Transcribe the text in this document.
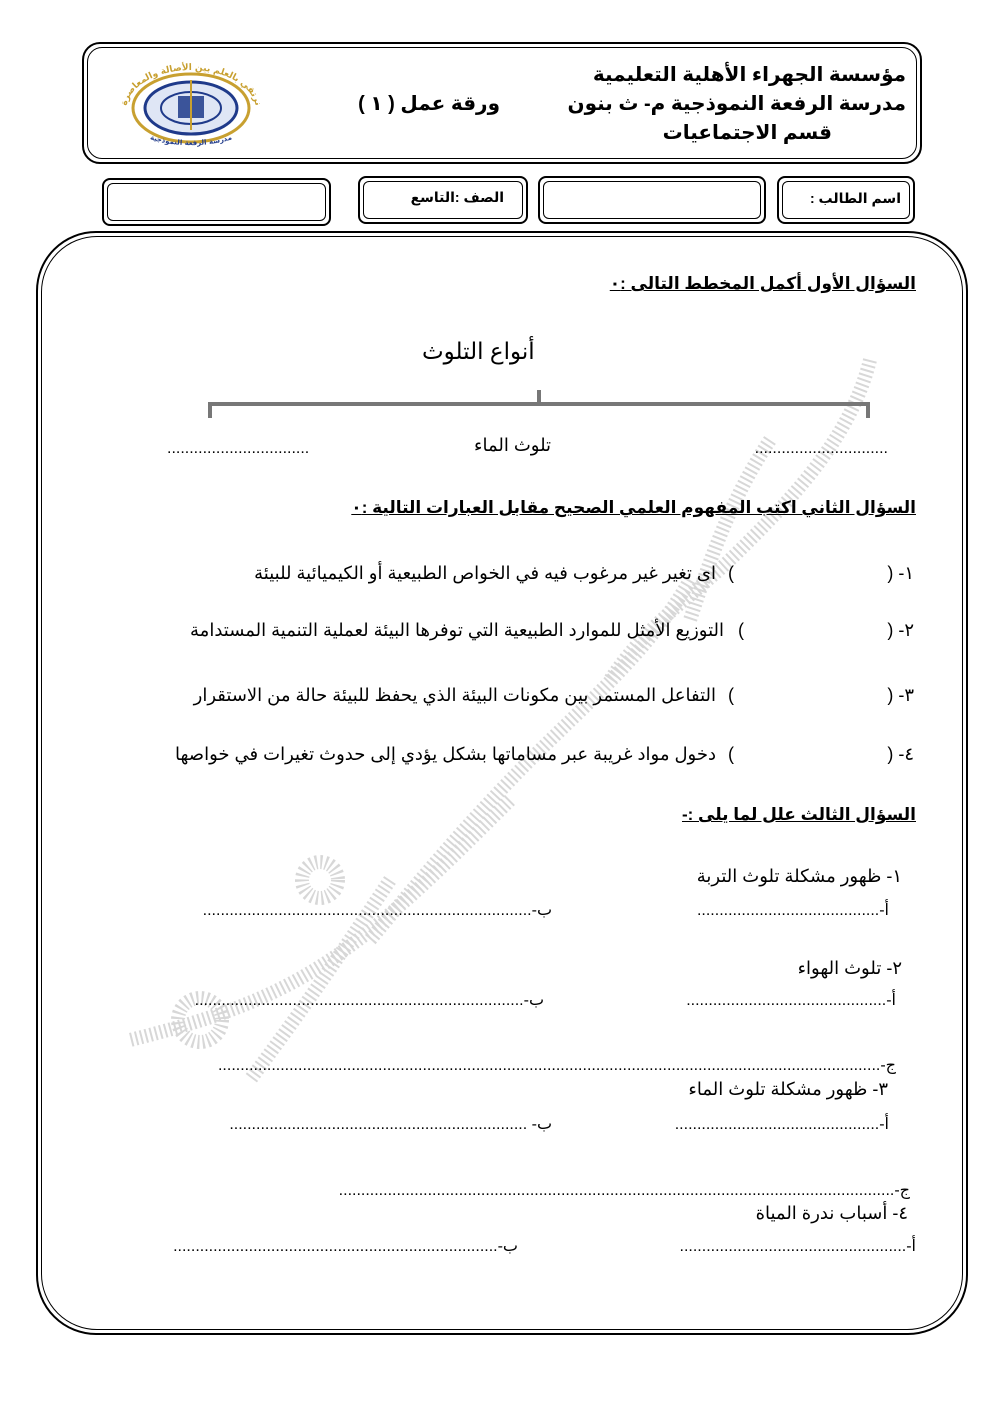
نرتقي بالعلم بين الأصالة والمعاصرة
مدرسة الرفعة النموذجية
مؤسسة الجهراء الأهلية التعليمية
مدرسة الرفعة النموذجية م- ث بنون
قسم الاجتماعيات
ورقة عمل ( ١ )
اسم الطالب :
الصف :التاسع
السؤال الأول أكمل المخطط التالى :٠
أنواع التلوث
..............................
تلوث الماء
................................
السؤال الثاني اكتب المفهوم العلمي الصحيح مقابل العبارات التالية :٠
١- (
)
اى تغير غير مرغوب فيه في الخواص الطبيعية أو الكيميائية للبيئة
٢- (
)
التوزيع الأمثل للموارد الطبيعية التي توفرها البيئة لعملية التنمية المستدامة
٣- (
)
التفاعل المستمر بين مكونات البيئة الذي يحفظ للبيئة حالة من الاستقرار
٤- (
)
دخول مواد غريبة عبر مساماتها بشكل يؤدي إلى حدوث تغيرات في خواصها
السؤال الثالث علل لما يلى :-
١- ظهور مشكلة تلوث التربة
أ-.........................................
ب-..........................................................................
٢- تلوث الهواء
أ-.............................................
ب-..........................................................................
ج-.....................................................................................................................................................
٣- ظهور مشكلة تلوث الماء
أ-..............................................
ب- ...................................................................
ج-.............................................................................................................................
٤- أسباب ندرة المياة
أ-...................................................
ب-.........................................................................
